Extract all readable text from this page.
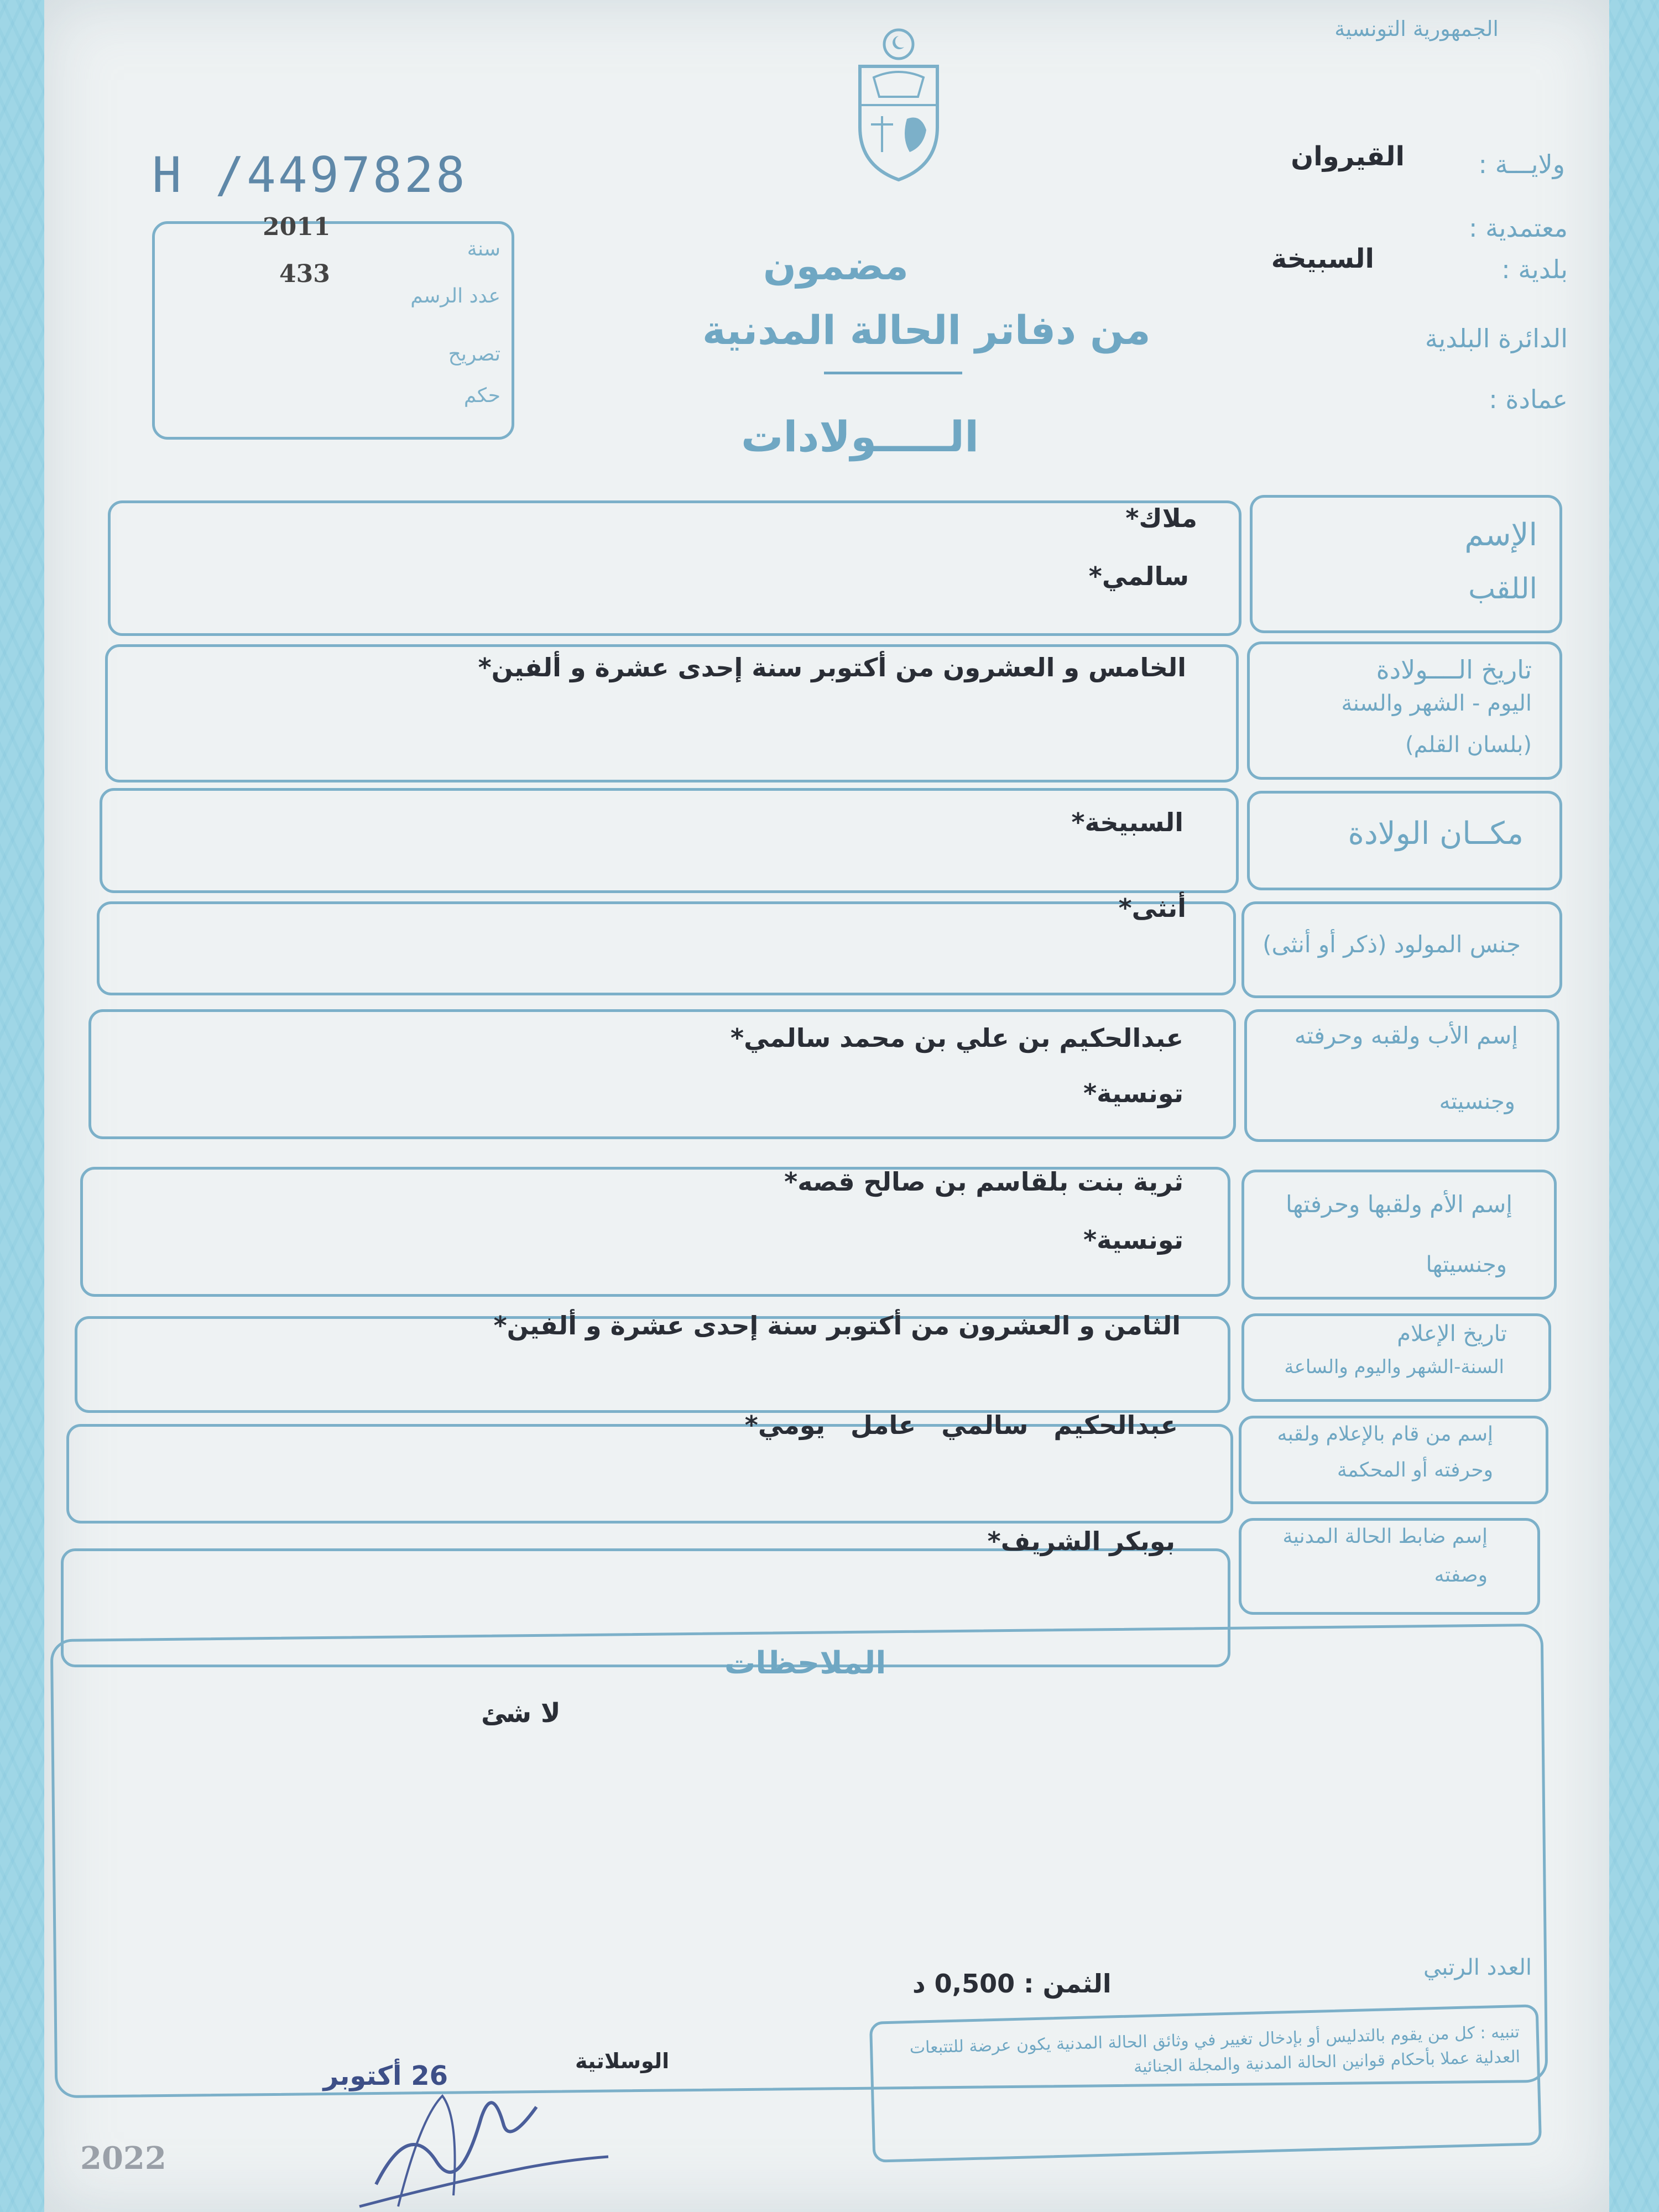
الجمهورية التونسية
H /4497828
سنة
2011
عدد الرسم
433
تصريح
حكم
ولايـــة :
القيروان
معتمدية :
بلدية :
السبيخة
الدائرة البلدية
عمادة :
مضمون
من دفاتر الحالة المدنية
الـــــولادات
الإسم
اللقب
ملاك*
سالمي*
تاريخ الــــولادة
اليوم - الشهر والسنة
(بلسان القلم)
الخامس و العشرون من أكتوبر سنة إحدى عشرة و ألفين*
مكــان الولادة
السبيخة*
جنس المولود (ذكر أو أنثى)
أنثى*
إسم الأب ولقبه وحرفته
وجنسيته
عبدالحكيم بن علي بن محمد سالمي*
تونسية*
إسم الأم ولقبها وحرفتها
وجنسيتها
ثرية بنت بلقاسم بن صالح قصه*
تونسية*
تاريخ الإعلام
السنة-الشهر واليوم والساعة
الثامن و العشرون من أكتوبر سنة إحدى عشرة و ألفين*
إسم من قام بالإعلام ولقبه
وحرفته أو المحكمة
عبدالحكيم سالمي عامل يومي*
إسم ضابط الحالة المدنية
وصفته
بوبكر الشريف*
الملاحظات
لا شئ
العدد الرتبي
الثمن : 0,500 د
تنبيه : كل من يقوم بالتدليس أو بإدخال تغيير في وثائق الحالة المدنية يكون عرضة للتتبعات العدلية عملا بأحكام قوانين الحالة المدنية والمجلة الجنائية
26 أكتوبر	الوسلاتية
2022
